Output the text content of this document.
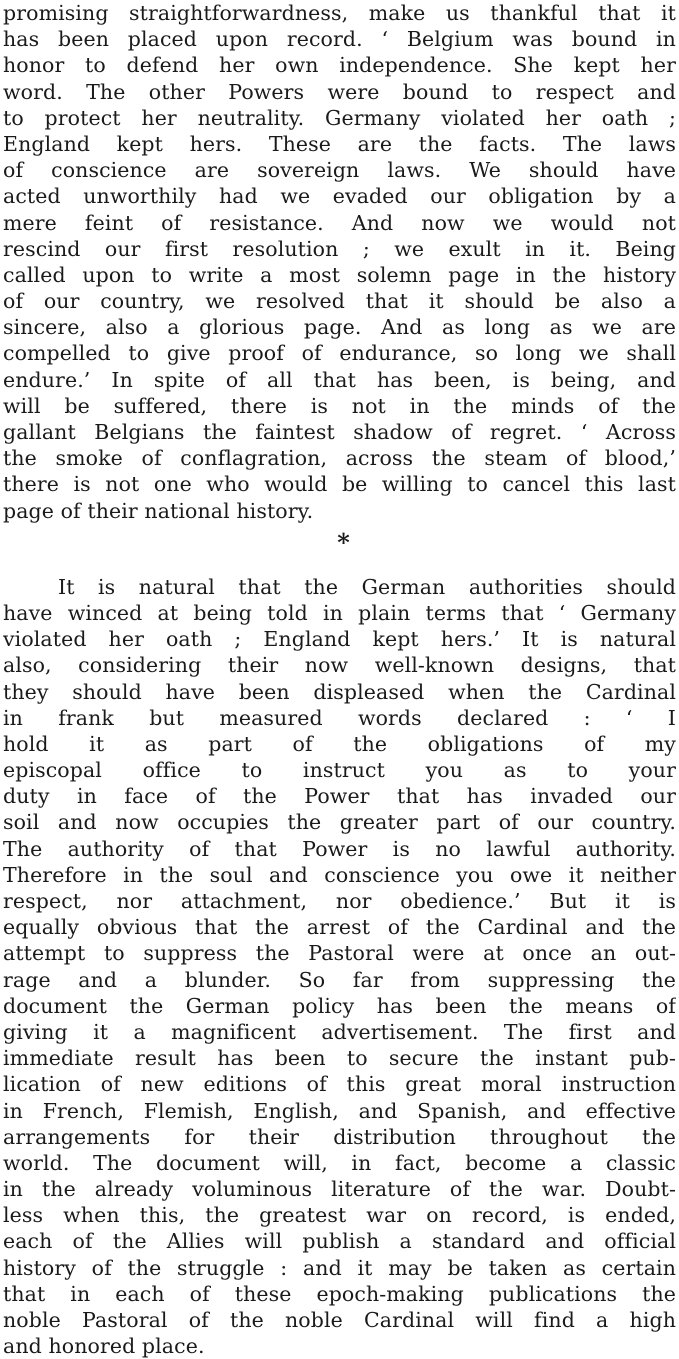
promising straightforwardness, make us thankful that it
has been placed upon record. ‘ Belgium was bound in
honor to defend her own independence. She kept her
word. The other Powers were bound to respect and
to protect her neutrality. Germany violated her oath ;
England kept hers. These are the facts. The laws
of conscience are sovereign laws. We should have
acted unworthily had we evaded our obligation by a
mere feint of resistance. And now we would not
rescind our first resolution ; we exult in it. Being
called upon to write a most solemn page in the history
of our country, we resolved that it should be also a
sincere, also a glorious page. And as long as we are
compelled to give proof of endurance, so long we shall
endure.’ In spite of all that has been, is being, and
will be suffered, there is not in the minds of the
gallant Belgians the faintest shadow of regret. ‘ Across
the smoke of conflagration, across the steam of blood,’
there is not one who would be willing to cancel this last
page of their national history.
*
It is natural that the German authorities should
have winced at being told in plain terms that ‘ Germany
violated her oath ; England kept hers.’ It is natural
also, considering their now well-known designs, that
they should have been displeased when the Cardinal
in frank but measured words declared : ‘ I
hold it as part of the obligations of my
episcopal office to instruct you as to your
duty in face of the Power that has invaded our
soil and now occupies the greater part of our country.
The authority of that Power is no lawful authority.
Therefore in the soul and conscience you owe it neither
respect, nor attachment, nor obedience.’ But it is
equally obvious that the arrest of the Cardinal and the
attempt to suppress the Pastoral were at once an out-
rage and a blunder. So far from suppressing the
document the German policy has been the means of
giving it a magnificent advertisement. The first and
immediate result has been to secure the instant pub-
lication of new editions of this great moral instruction
in French, Flemish, English, and Spanish, and effective
arrangements for their distribution throughout the
world. The document will, in fact, become a classic
in the already voluminous literature of the war. Doubt-
less when this, the greatest war on record, is ended,
each of the Allies will publish a standard and official
history of the struggle : and it may be taken as certain
that in each of these epoch-making publications the
noble Pastoral of the noble Cardinal will find a high
and honored place.
